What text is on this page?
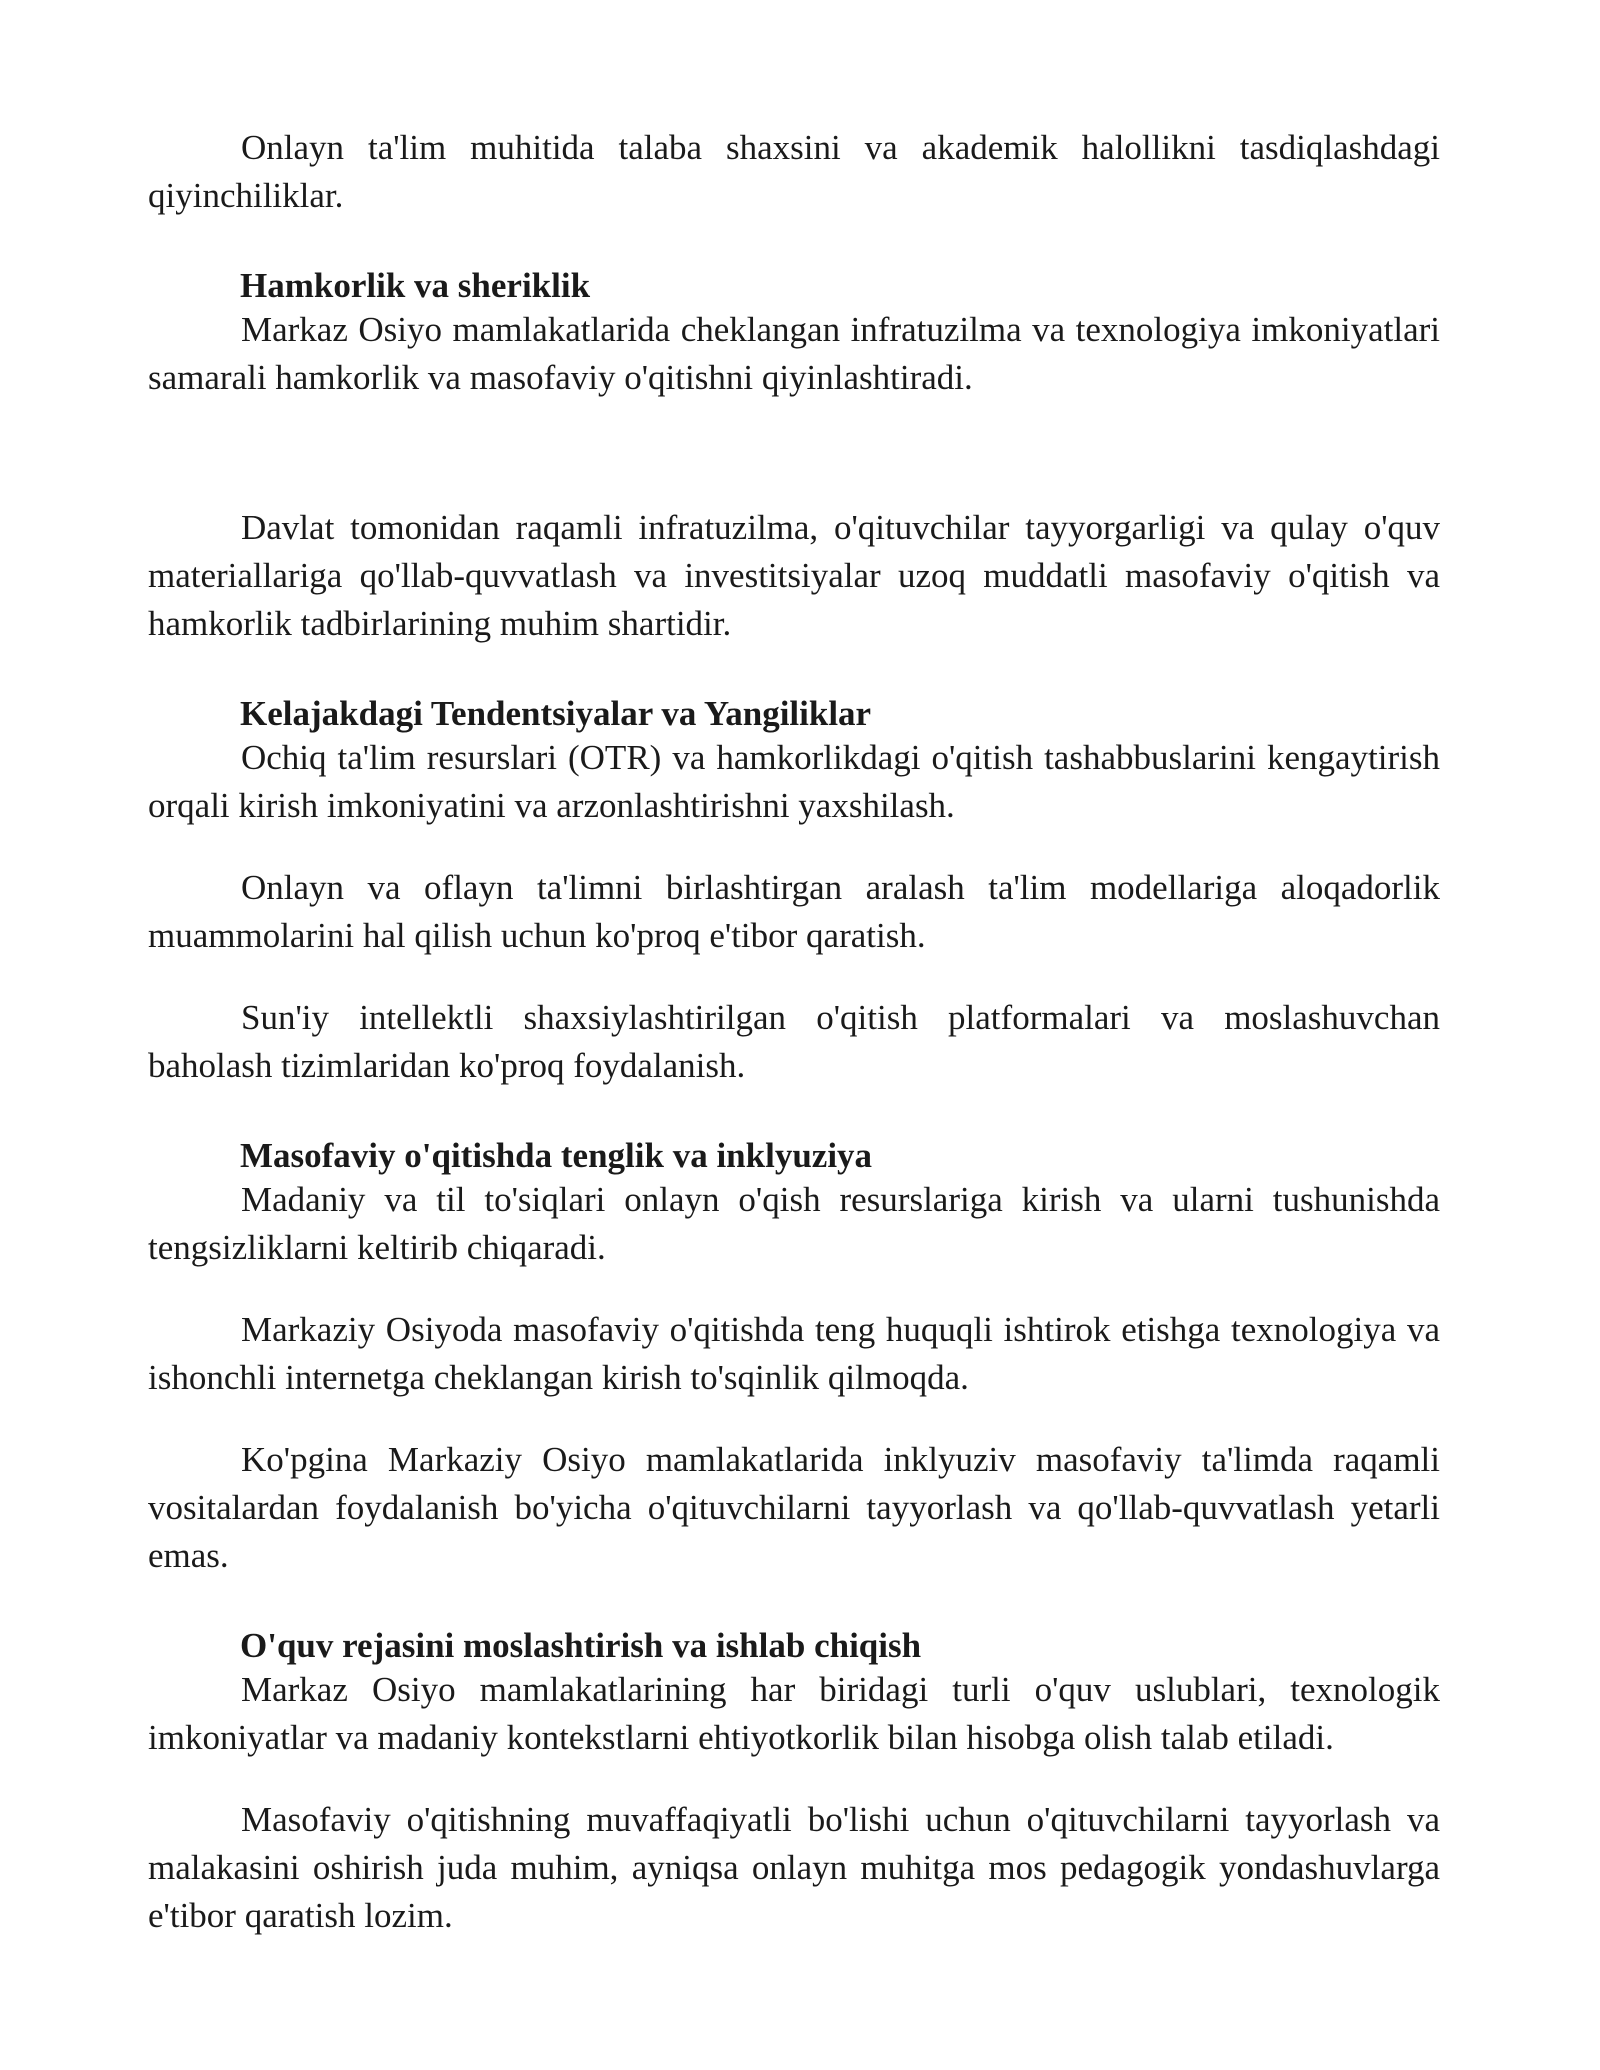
Onlayn ta'lim muhitida talaba shaxsini va akademik halollikni tasdiqlashdagi qiyinchiliklar.

Hamkorlik va sheriklik

Markaz Osiyo mamlakatlarida cheklangan infratuzilma va texnologiya imkoniyatlari samarali hamkorlik va masofaviy o'qitishni qiyinlashtiradi.

Davlat tomonidan raqamli infratuzilma, o'qituvchilar tayyorgarligi va qulay o'quv materiallariga qo'llab-quvvatlash va investitsiyalar uzoq muddatli masofaviy o'qitish va hamkorlik tadbirlarining muhim shartidir.

Kelajakdagi Tendentsiyalar va Yangiliklar

Ochiq ta'lim resurslari (OTR) va hamkorlikdagi o'qitish tashabbuslarini kengaytirish orqali kirish imkoniyatini va arzonlashtirishni yaxshilash.

Onlayn va oflayn ta'limni birlashtirgan aralash ta'lim modellariga aloqadorlik muammolarini hal qilish uchun ko'proq e'tibor qaratish.

Sun'iy intellektli shaxsiylashtirilgan o'qitish platformalari va moslashuvchan baholash tizimlaridan ko'proq foydalanish.

Masofaviy o'qitishda tenglik va inklyuziya

Madaniy va til to'siqlari onlayn o'qish resurslariga kirish va ularni tushunishda tengsizliklarni keltirib chiqaradi.

Markaziy Osiyoda masofaviy o'qitishda teng huquqli ishtirok etishga texnologiya va ishonchli internetga cheklangan kirish to'sqinlik qilmoqda.

Ko'pgina Markaziy Osiyo mamlakatlarida inklyuziv masofaviy ta'limda raqamli vositalardan foydalanish bo'yicha o'qituvchilarni tayyorlash va qo'llab-quvvatlash yetarli emas.

O'quv rejasini moslashtirish va ishlab chiqish

Markaz Osiyo mamlakatlarining har biridagi turli o'quv uslublari, texnologik imkoniyatlar va madaniy kontekstlarni ehtiyotkorlik bilan hisobga olish talab etiladi.

Masofaviy o'qitishning muvaffaqiyatli bo'lishi uchun o'qituvchilarni tayyorlash va malakasini oshirish juda muhim, ayniqsa onlayn muhitga mos pedagogik yondashuvlarga e'tibor qaratish lozim.
